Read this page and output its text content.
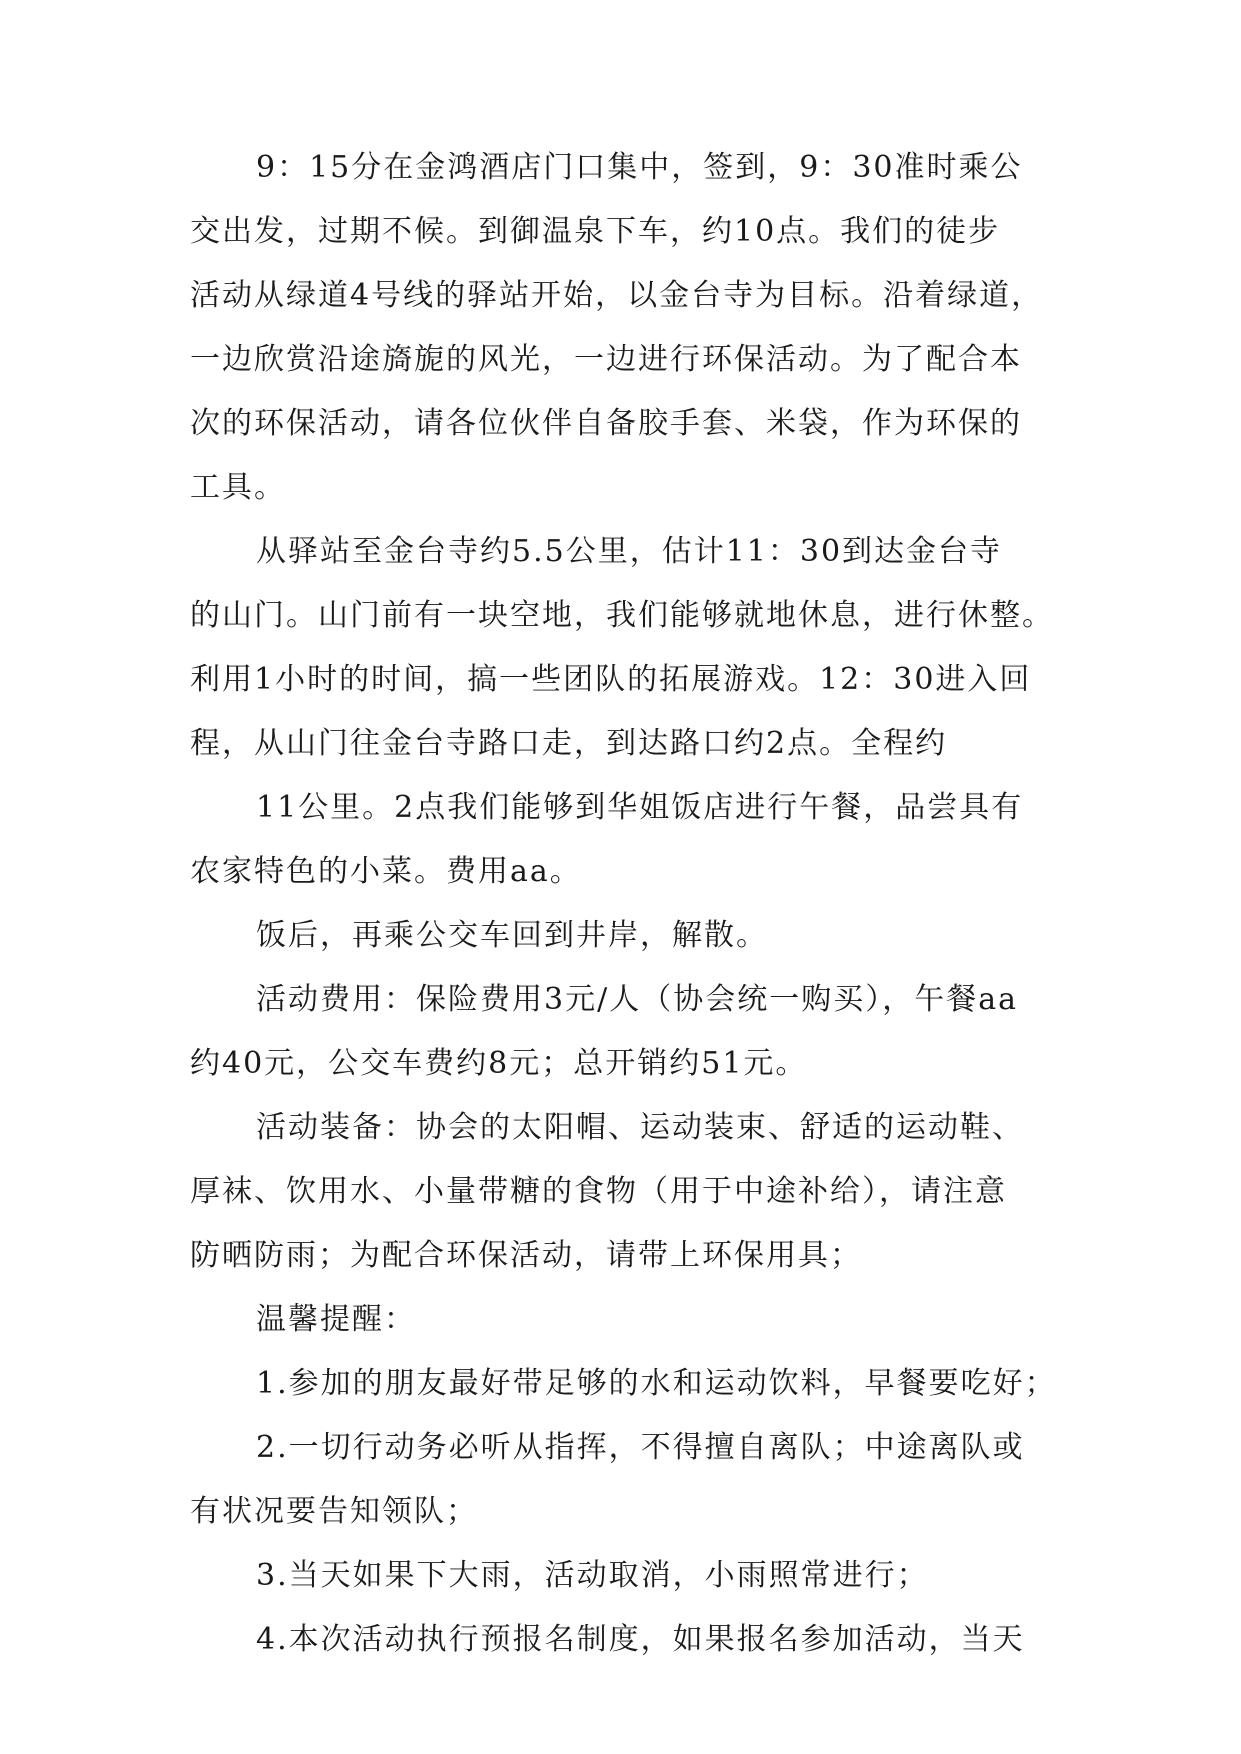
9：15分在金鸿酒店门口集中，签到，9：30准时乘公
交出发，过期不候。到御温泉下车，约10点。我们的徒步
活动从绿道4号线的驿站开始，以金台寺为目标。沿着绿道，
一边欣赏沿途旖旎的风光，一边进行环保活动。为了配合本
次的环保活动，请各位伙伴自备胶手套、米袋，作为环保的
工具。
从驿站至金台寺约5.5公里，估计11：30到达金台寺
的山门。山门前有一块空地，我们能够就地休息，进行休整。
利用1小时的时间，搞一些团队的拓展游戏。12：30进入回
程，从山门往金台寺路口走，到达路口约2点。全程约
11公里。2点我们能够到华姐饭店进行午餐，品尝具有
农家特色的小菜。费用aa。
饭后，再乘公交车回到井岸，解散。
活动费用：保险费用3元/人（协会统一购买），午餐aa
约40元，公交车费约8元；总开销约51元。
活动装备：协会的太阳帽、运动装束、舒适的运动鞋、
厚袜、饮用水、小量带糖的食物（用于中途补给），请注意
防晒防雨；为配合环保活动，请带上环保用具；
温馨提醒：
1.参加的朋友最好带足够的水和运动饮料，早餐要吃好；
2.一切行动务必听从指挥，不得擅自离队；中途离队或
有状况要告知领队；
3.当天如果下大雨，活动取消，小雨照常进行；
4.本次活动执行预报名制度，如果报名参加活动，当天
